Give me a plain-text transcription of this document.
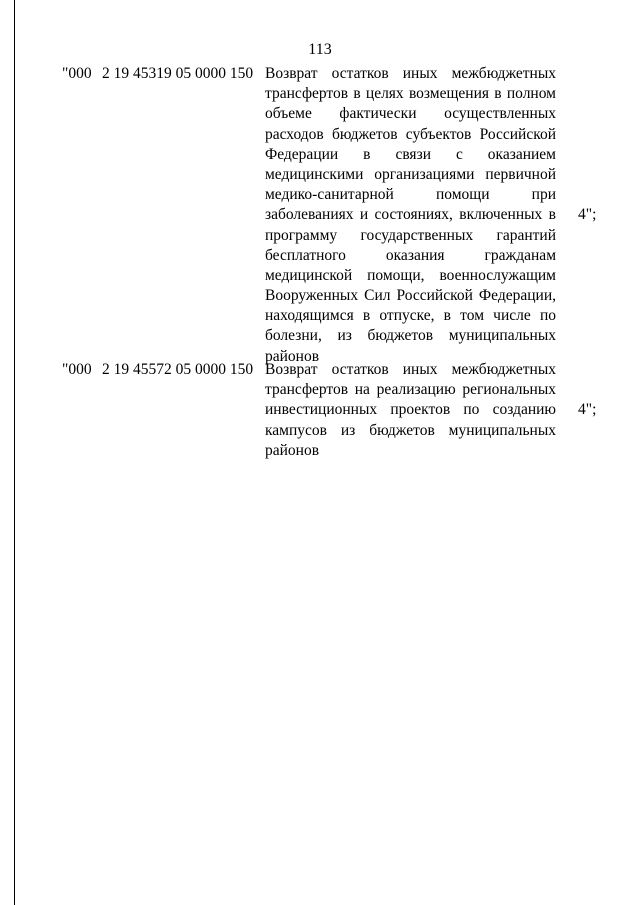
113
"000 2 19 45319 05 0000 150 Возврат остатков иных межбюджетных
трансфертов в целях возмещения в полном
объеме фактически осуществленных
расходов бюджетов субъектов Российской
Федерации в связи с оказанием
медицинскими организациями первичной
медико-санитарной помощи при
заболеваниях и состояниях, включенных в
программу государственных гарантий
бесплатного оказания гражданам
медицинской помощи, военнослужащим
Вооруженных Сил Российской Федерации,
находящимся в отпуске, в том числе по
болезни, из бюджетов муниципальных
районов
4";
"000 2 19 45572 05 0000 150 Возврат остатков иных межбюджетных
трансфертов на реализацию региональных
инвестиционных проектов по созданию
кампусов из бюджетов муниципальных
районов
4";
